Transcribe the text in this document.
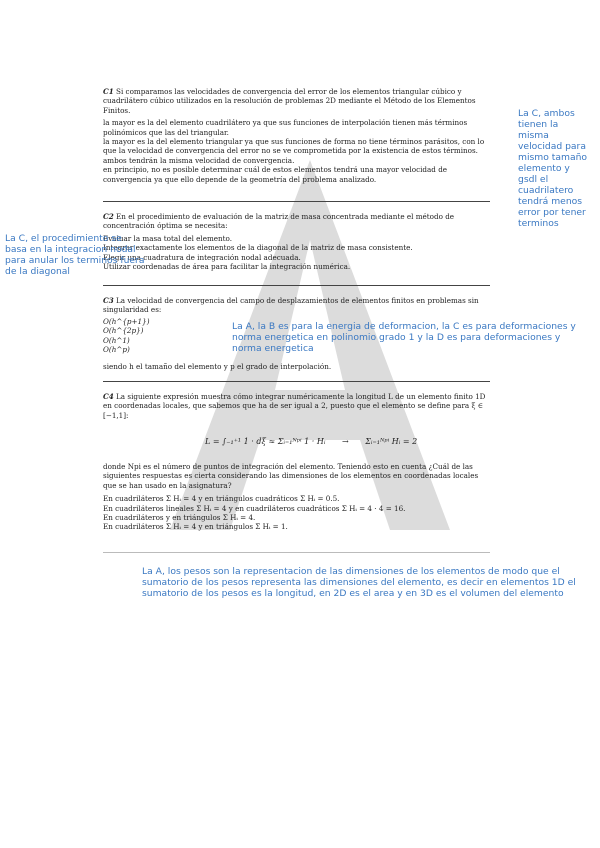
C1 Si comparamos las velocidades de convergencia del error de los elementos triangular cúbico y cuadrilátero cúbico utilizados en la resolución de problemas 2D mediante el Método de los Elementos Finitos.

la mayor es la del elemento cuadrilátero ya que sus funciones de interpolación tienen más términos polinómicos que las del triangular.

la mayor es la del elemento triangular ya que sus funciones de forma no tiene términos parásitos, con lo que la velocidad de convergencia del error no se ve comprometida por la existencia de estos términos.

ambos tendrán la misma velocidad de convergencia.

en principio, no es posible determinar cuál de estos elementos tendrá una mayor velocidad de convergencia ya que ello depende de la geometría del problema analizado.

C2 En el procedimiento de evaluación de la matriz de masa concentrada mediante el método de concentración óptima se necesita:

Evaluar la masa total del elemento.

Integrar exactamente los elementos de la diagonal de la matriz de masa consistente.

Elegir una cuadratura de integración nodal adecuada.

Utilizar coordenadas de área para facilitar la integración numérica.

C3 La velocidad de convergencia del campo de desplazamientos de elementos finitos en problemas sin singularidad es:

O(h^{p+1})

O(h^{2p})

O(h^1)

O(h^p)

siendo h el tamaño del elemento y p el grado de interpolación.

C4 La siguiente expresión muestra cómo integrar numéricamente la longitud L de un elemento finito 1D en coordenadas locales, que sabemos que ha de ser igual a 2, puesto que el elemento se define para ξ ∈ [−1,1]:

L = ∫₋₁⁺¹ 1 · dξ ≈ Σᵢ₌₁ᴺᵖⁱ 1 · Hᵢ → Σᵢ₌₁ᴺᵖⁱ Hᵢ = 2

donde Npi es el número de puntos de integración del elemento. Teniendo esto en cuenta ¿Cuál de las siguientes respuestas es cierta considerando las dimensiones de los elementos en coordenadas locales que se han usado en la asignatura?

En cuadriláteros Σ Hᵢ = 4 y en triángulos cuadráticos Σ Hᵢ = 0.5.

En cuadriláteros lineales Σ Hᵢ = 4 y en cuadriláteros cuadráticos Σ Hᵢ = 4 · 4 = 16.

En cuadriláteros y en triángulos Σ Hᵢ = 4.

En cuadriláteros Σ Hᵢ = 4 y en triángulos Σ Hᵢ = 1.

La C, ambos tienen la misma velocidad para mismo tamaño elemento y gsdl el cuadrilatero tendrá menos error por tener terminos
La C, el procedimiento se basa en la integracion nodal para anular los terminos fuera de la diagonal
La A, la B es para la energia de deformacion, la C es para deformaciones y norma energetica en polinomio grado 1 y la D es para deformaciones y norma energetica
La A, los pesos son la representacion de las dimensiones de los elementos de modo que el sumatorio de los pesos representa las dimensiones del elemento, es decir en elementos 1D el sumatorio de los pesos es la longitud, en 2D es el area y en 3D es el volumen del elemento
